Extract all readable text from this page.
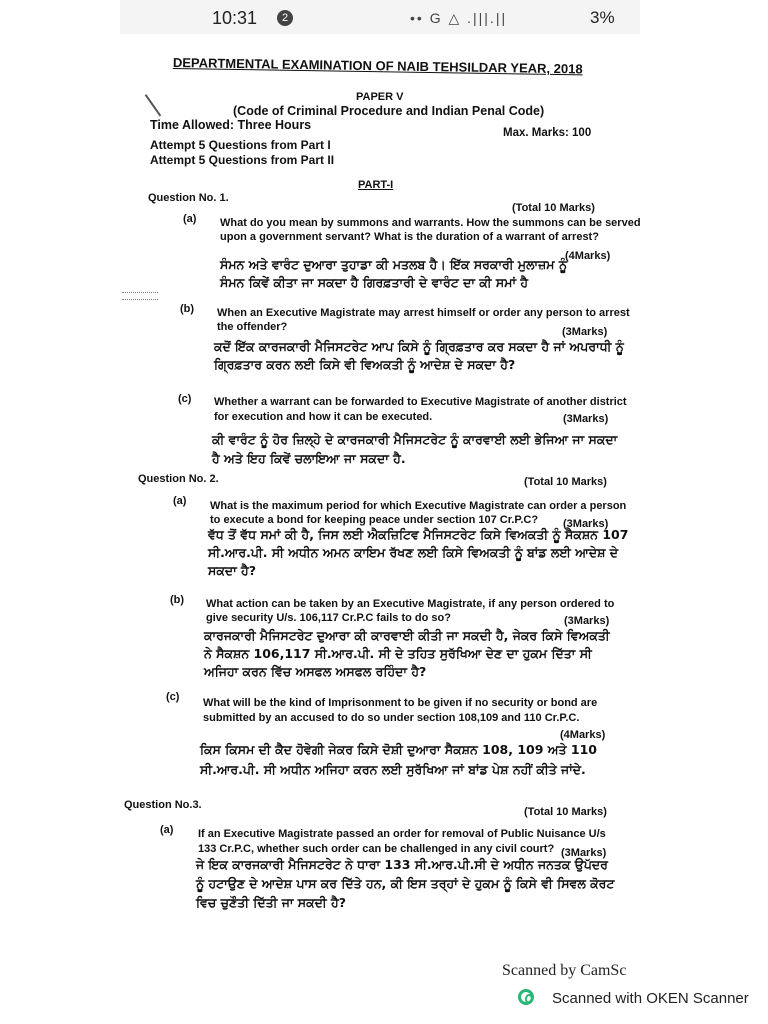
10:31	2	•• G △ .|||.||	3%
DEPARTMENTAL EXAMINATION OF NAIB TEHSILDAR YEAR, 2018
PAPER V
(Code of Criminal Procedure and Indian Penal Code)
Time Allowed: Three Hours
Max. Marks: 100
Attempt 5 Questions from Part I
Attempt 5 Questions from Part II
PART-I
Question No. 1.
(Total 10 Marks)
(a) What do you mean by summons and warrants. How the summons can be served
upon a government servant? What is the duration of a warrant of arrest?
(4Marks)
ਸੰਮਨ ਅਤੇ ਵਾਰੰਟ ਦੁਆਰਾ ਤੁਹਾਡਾ ਕੀ ਮਤਲਬ ਹੈ। ਇੱਕ ਸਰਕਾਰੀ ਮੁਲਾਜ਼ਮ ਨੂੰ
ਸੰਮਨ ਕਿਵੇਂ ਕੀਤਾ ਜਾ ਸਕਦਾ ਹੈ ਗਿਰਫ਼ਤਾਰੀ ਦੇ ਵਾਰੰਟ ਦਾ ਕੀ ਸਮਾਂ ਹੈ
(b) When an Executive Magistrate may arrest himself or order any person to arrest
the offender?	(3Marks)
ਕਦੋਂ ਇੱਕ ਕਾਰਜਕਾਰੀ ਮੈਜਿਸਟਰੇਟ ਆਪ ਕਿਸੇ ਨੂੰ ਗ੍ਰਿਫ਼ਤਾਰ ਕਰ ਸਕਦਾ ਹੈ ਜਾਂ ਅਪਰਾਧੀ ਨੂੰ
ਗ੍ਰਿਫ਼ਤਾਰ ਕਰਨ ਲਈ ਕਿਸੇ ਵੀ ਵਿਅਕਤੀ ਨੂੰ ਆਦੇਸ਼ ਦੇ ਸਕਦਾ ਹੈ?
(c) Whether a warrant can be forwarded to Executive Magistrate of another district
for execution and how it can be executed.	(3Marks)
ਕੀ ਵਾਰੰਟ ਨੂੰ ਹੋਰ ਜ਼ਿਲ੍ਹੇ ਦੇ ਕਾਰਜਕਾਰੀ ਮੈਜਿਸਟਰੇਟ ਨੂੰ ਕਾਰਵਾਈ ਲਈ ਭੇਜਿਆ ਜਾ ਸਕਦਾ
ਹੈ ਅਤੇ ਇਹ ਕਿਵੇਂ ਚਲਾਇਆ ਜਾ ਸਕਦਾ ਹੈ.
Question No. 2.	(Total 10 Marks)
(a) What is the maximum period for which Executive Magistrate can order a person
to execute a bond for keeping peace under section 107 Cr.P.C? (3Marks)
ਵੱਧ ਤੋਂ ਵੱਧ ਸਮਾਂ ਕੀ ਹੈ, ਜਿਸ ਲਈ ਐਕਜ਼ਿਟਿਵ ਮੈਜਿਸਟਰੇਟ ਕਿਸੇ ਵਿਅਕਤੀ ਨੂੰ ਸੈਕਸ਼ਨ 107
ਸੀ.ਆਰ.ਪੀ. ਸੀ ਅਧੀਨ ਅਮਨ ਕਾਇਮ ਰੱਖਣ ਲਈ ਕਿਸੇ ਵਿਅਕਤੀ ਨੂੰ ਬਾਂਡ ਲਈ ਆਦੇਸ਼ ਦੇ
ਸਕਦਾ ਹੈ?
(b) What action can be taken by an Executive Magistrate, if any person ordered to
give security U/s. 106,117 Cr.P.C fails to do so?	(3Marks)
ਕਾਰਜਕਾਰੀ ਮੈਜਿਸਟਰੇਟ ਦੁਆਰਾ ਕੀ ਕਾਰਵਾਈ ਕੀਤੀ ਜਾ ਸਕਦੀ ਹੈ, ਜੇਕਰ ਕਿਸੇ ਵਿਅਕਤੀ
ਨੇ ਸੈਕਸ਼ਨ 106,117 ਸੀ.ਆਰ.ਪੀ. ਸੀ ਦੇ ਤਹਿਤ ਸੁਰੱਖਿਆ ਦੇਣ ਦਾ ਹੁਕਮ ਦਿੱਤਾ ਸੀ
ਅਜਿਹਾ ਕਰਨ ਵਿੱਚ ਅਸਫਲ ਅਸਫਲ ਰਹਿੰਦਾ ਹੈ?
(c) What will be the kind of Imprisonment to be given if no security or bond are
submitted by an accused to do so under section 108,109 and 110 Cr.P.C.
(4Marks)
ਕਿਸ ਕਿਸਮ ਦੀ ਕੈਦ ਹੋਵੇਗੀ ਜੇਕਰ ਕਿਸੇ ਦੋਸ਼ੀ ਦੁਆਰਾ ਸੈਕਸ਼ਨ 108, 109 ਅਤੇ 110
ਸੀ.ਆਰ.ਪੀ. ਸੀ ਅਧੀਨ ਅਜਿਹਾ ਕਰਨ ਲਈ ਸੁਰੱਖਿਆ ਜਾਂ ਬਾਂਡ ਪੇਸ਼ ਨਹੀਂ ਕੀਤੇ ਜਾਂਦੇ.
Question No.3.
(Total 10 Marks)
(a) If an Executive Magistrate passed an order for removal of Public Nuisance U/s
133 Cr.P.C, whether such order can be challenged in any civil court? (3Marks)
ਜੇ ਇਕ ਕਾਰਜਕਾਰੀ ਮੈਜਿਸਟਰੇਟ ਨੇ ਧਾਰਾ 133 ਸੀ.ਆਰ.ਪੀ.ਸੀ ਦੇ ਅਧੀਨ ਜਨਤਕ ਉਪੱਦਰ
ਨੂੰ ਹਟਾਉਣ ਦੇ ਆਦੇਸ਼ ਪਾਸ ਕਰ ਦਿੱਤੇ ਹਨ, ਕੀ ਇਸ ਤਰ੍ਹਾਂ ਦੇ ਹੁਕਮ ਨੂੰ ਕਿਸੇ ਵੀ ਸਿਵਲ ਕੋਰਟ
ਵਿਚ ਚੁਣੌਤੀ ਦਿੱਤੀ ਜਾ ਸਕਦੀ ਹੈ?
Scanned by CamSc
Scanned with OKEN Scanner
